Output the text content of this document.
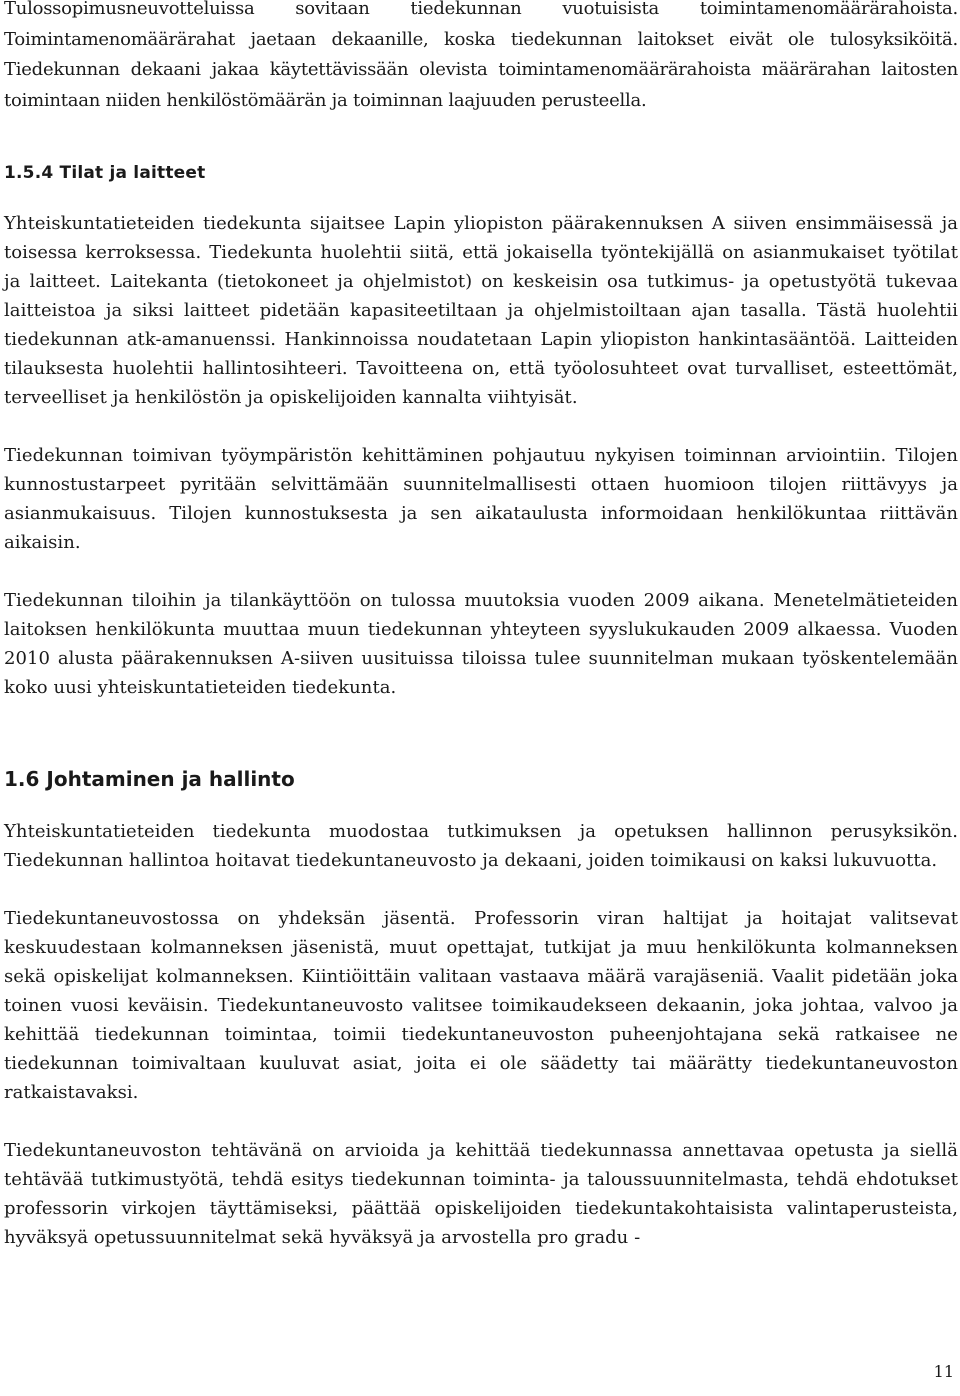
Tulossopimusneuvotteluissa sovitaan tiedekunnan vuotuisista toimintamenomäärärahoista. Toimintamenomäärärahat jaetaan dekaanille, koska tiedekunnan laitokset eivät ole tulosyksiköitä. Tiedekunnan dekaani jakaa käytettävissään olevista toimintamenomäärärahoista määrärahan laitosten toimintaan niiden henkilöstömäärän ja toiminnan laajuuden perusteella.

1.5.4 Tilat ja laitteet

Yhteiskuntatieteiden tiedekunta sijaitsee Lapin yliopiston päärakennuksen A siiven ensimmäisessä ja toisessa kerroksessa. Tiedekunta huolehtii siitä, että jokaisella työntekijällä on asianmukaiset työtilat ja laitteet. Laitekanta (tietokoneet ja ohjelmistot) on keskeisin osa tutkimus- ja opetustyötä tukevaa laitteistoa ja siksi laitteet pidetään kapasiteetiltaan ja ohjelmistoiltaan ajan tasalla. Tästä huolehtii tiedekunnan atk-amanuenssi. Hankinnoissa noudatetaan Lapin yliopiston hankintasääntöä. Laitteiden tilauksesta huolehtii hallintosihteeri. Tavoitteena on, että työolosuhteet ovat turvalliset, esteettömät, terveelliset ja henkilöstön ja opiskelijoiden kannalta viihtyisät.

Tiedekunnan toimivan työympäristön kehittäminen pohjautuu nykyisen toiminnan arviointiin. Tilojen kunnostustarpeet pyritään selvittämään suunnitelmallisesti ottaen huomioon tilojen riittävyys ja asianmukaisuus. Tilojen kunnostuksesta ja sen aikataulusta informoidaan henkilökuntaa riittävän aikaisin.

Tiedekunnan tiloihin ja tilankäyttöön on tulossa muutoksia vuoden 2009 aikana. Menetelmätieteiden laitoksen henkilökunta muuttaa muun tiedekunnan yhteyteen syyslukukauden 2009 alkaessa. Vuoden 2010 alusta päärakennuksen A-siiven uusituissa tiloissa tulee suunnitelman mukaan työskentelemään koko uusi yhteiskuntatieteiden tiedekunta.

1.6 Johtaminen ja hallinto

Yhteiskuntatieteiden tiedekunta muodostaa tutkimuksen ja opetuksen hallinnon perusyksikön. Tiedekunnan hallintoa hoitavat tiedekuntaneuvosto ja dekaani, joiden toimikausi on kaksi lukuvuotta.

Tiedekuntaneuvostossa on yhdeksän jäsentä. Professorin viran haltijat ja hoitajat valitsevat keskuudestaan kolmanneksen jäsenistä, muut opettajat, tutkijat ja muu henkilökunta kolmanneksen sekä opiskelijat kolmanneksen. Kiintiöittäin valitaan vastaava määrä varajäseniä. Vaalit pidetään joka toinen vuosi keväisin. Tiedekuntaneuvosto valitsee toimikaudekseen dekaanin, joka johtaa, valvoo ja kehittää tiedekunnan toimintaa, toimii tiedekuntaneuvoston puheenjohtajana sekä ratkaisee ne tiedekunnan toimivaltaan kuuluvat asiat, joita ei ole säädetty tai määrätty tiedekuntaneuvoston ratkaistavaksi.

Tiedekuntaneuvoston tehtävänä on arvioida ja kehittää tiedekunnassa annettavaa opetusta ja siellä tehtävää tutkimustyötä, tehdä esitys tiedekunnan toiminta- ja taloussuunnitelmasta, tehdä ehdotukset professorin virkojen täyttämiseksi, päättää opiskelijoiden tiedekuntakohtaisista valintaperusteista, hyväksyä opetussuunnitelmat sekä hyväksyä ja arvostella pro gradu -

11
